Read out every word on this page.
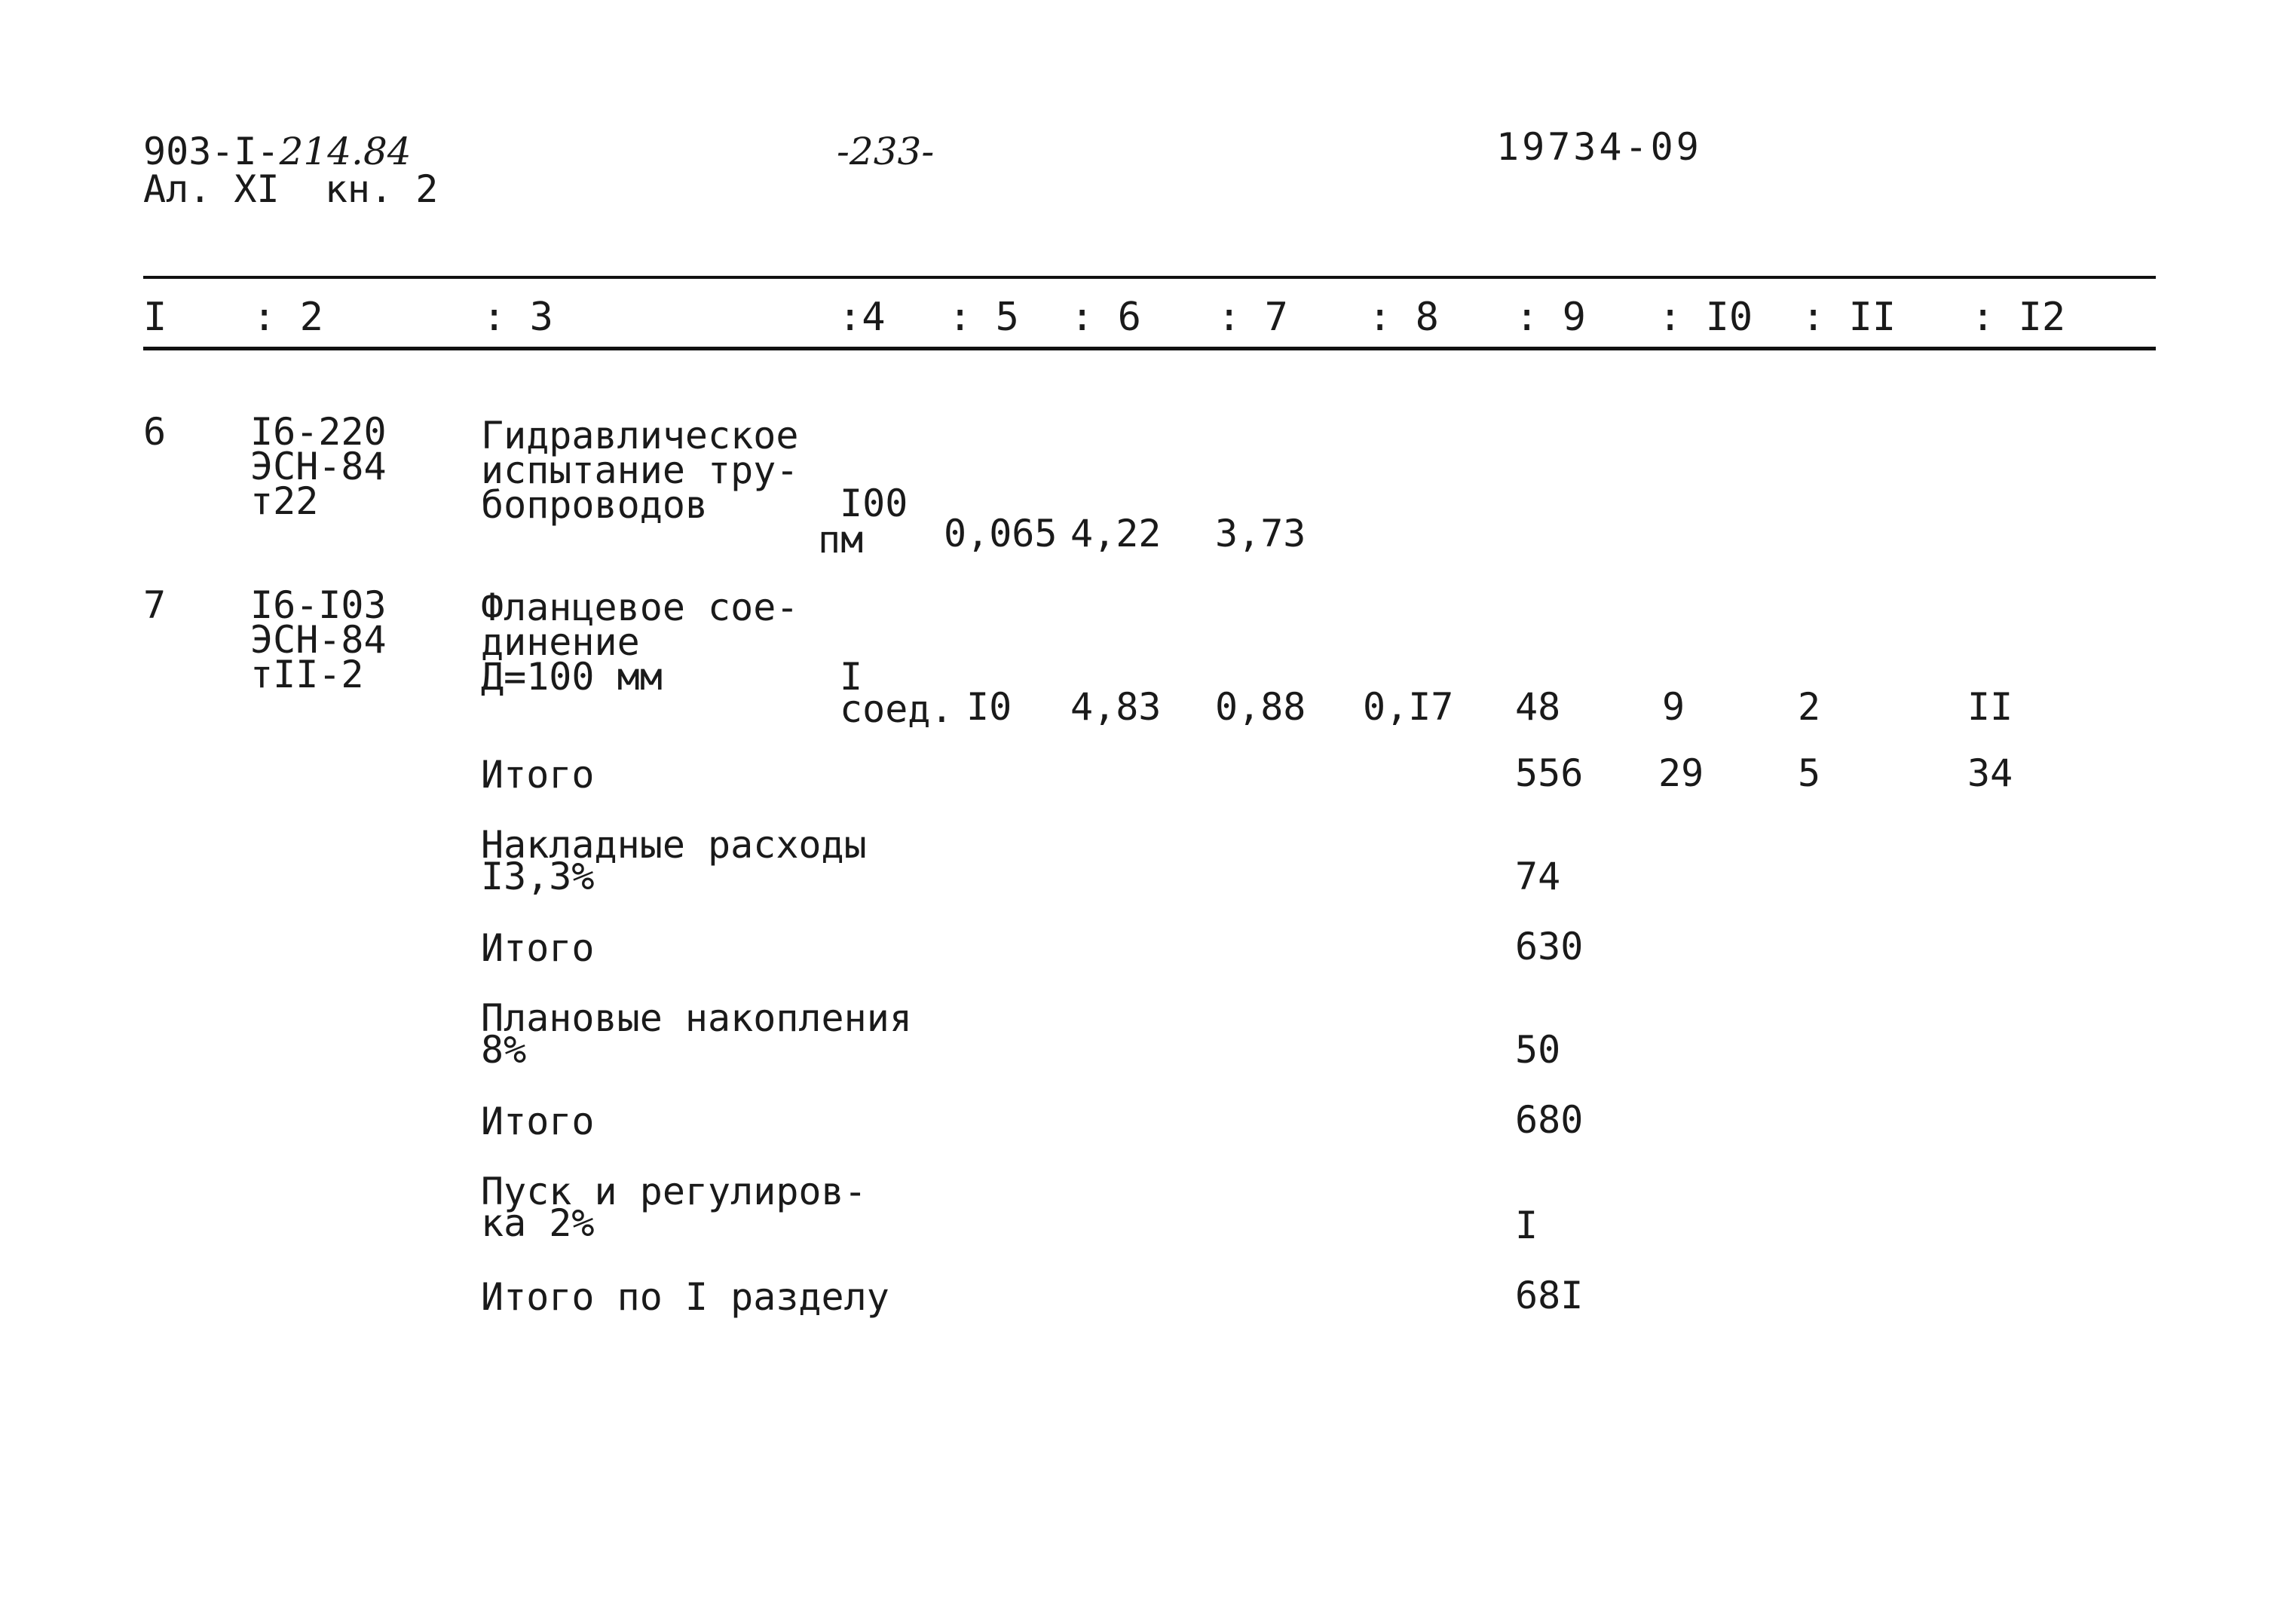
903-I-214.84
Ал. XI  кн. 2
-233-	19734-09
I : 2	: 3	:4 : 5 : 6 : 7 : 8 : 9 : I0 : II : I2
6 I6-220
ЭСН-84
т22
Гидравлическое
испытание тру-
бопроводов	I00
пм 0,065 4,22 3,73
7 I6-I03
ЭСН-84
тII-2
Фланцевое сое-
динение
Д=100 мм	I
соед. I0 4,83 0,88 0,I7 48	9	2	II
Итого	556 29 5	34
Накладные расходы
I3,3%	74
Итого	630
Плановые накопления
8%	50
Итого	680
Пуск и регулиров-
ка 2%	I
Итого по I разделу	68I
